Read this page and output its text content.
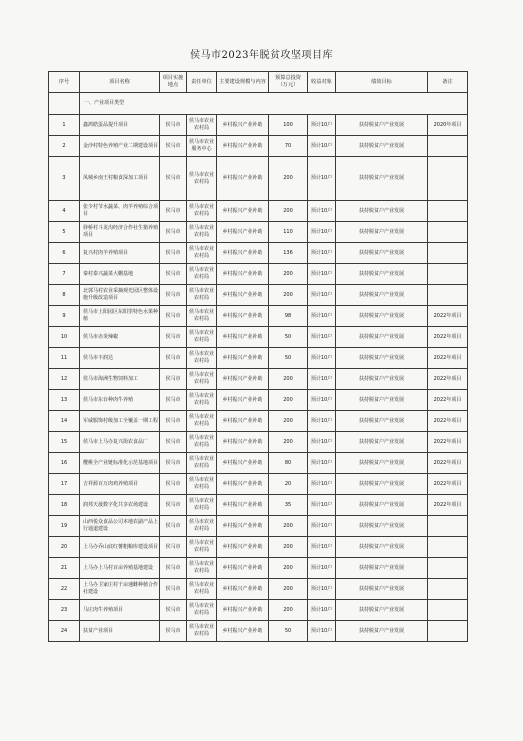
侯马市2023年脱贫攻坚项目库
序号	项目名称	项目实施地点	责任单位	主要建设规模与内容	预算总投资（万元）	收益对象	绩效目标	备注
	一、产业项目类型							
1	鑫鸿皓蛋品提升项目	侯马市	侯马市农业农村局	乡村振兴产业补助	100	预计10户	扶持脱贫户产业发展	2020年项目
2	金沙村特色养殖产业二期建设项目	侯马市	侯马市农业服务中心	乡村振兴产业补助	70	预计10户	扶持脱贫户产业发展	
3	凤城乡南王村粮食深加工项目	侯马市	侯马市农业农村局	乡村振兴产业补助	200	预计10户	扶持脱贫户产业发展	
4	张少村节水蔬菜、肉羊养殖综合项目	侯马市	侯马市农业农村局	乡村振兴产业补助	200	预计10户	扶持脱贫户产业发展	
5	驿桥村斗龙沟经济合作社生猪养殖项目	侯马市	侯马市农业农村局	乡村振兴产业补助	110	预计10户	扶持脱贫户产业发展	
6	复兴村肉羊养殖项目	侯马市	侯马市农业农村局	乡村振兴产业补助	136	预计10户	扶持脱贫户产业发展	
7	秦村泰兴蔬菜大棚基地	侯马市	侯马市农业农村局	乡村振兴产业补助	200	预计10户	扶持脱贫户产业发展	
8	北郭马村农业采摘观光园区整体设施升级改造项目	侯马市	侯马市农业农村局	乡村振兴产业补助	200	预计10户	扶持脱贫户产业发展	
9	侯马市上阳园区东阳里特色水果种植	侯马市	侯马市农业农村局	乡村振兴产业补助	98	预计10户	扶持脱贫户产业发展	2022年项目
10	侯马市赤炎辣椒	侯马市	侯马市农业农村局	乡村振兴产业补助	50	预计10户	扶持脱贫户产业发展	2022年项目
11	侯马市丰润达	侯马市	侯马市农业农村局	乡村振兴产业补助	50	预计10户	扶持脱贫户产业发展	2022年项目
12	侯马市海洲生物饲料加工	侯马市	侯马市农业农村局	乡村振兴产业补助	200	预计10户	扶持脱贫户产业发展	2022年项目
13	侯马市东台种肉牛养殖	侯马市	侯马市农业农村局	乡村振兴产业补助	200	预计10户	扶持脱贫户产业发展	2022年项目
14	军威服饰村级加工全覆盖一期工程	侯马市	侯马市农业农村局	乡村振兴产业补助	200	预计10户	扶持脱贫户产业发展	2022年项目
15	侯马市上马办复兴街农食品厂	侯马市	侯马市农业农村局	乡村振兴产业补助	200	预计10户	扶持脱贫户产业发展	2022年项目
16	樱桃全产业链标准化示范基地项目	侯马市	侯马市农业农村局	乡村振兴产业补助	80	预计10户	扶持脱贫户产业发展	2022年项目
17	吉祥源百万肉鸡养殖项目	侯马市	侯马市农业农村局	乡村振兴产业补助	20	预计10户	扶持脱贫户产业发展	2022年项目
18	润邦天晟数字化共享农场建设	侯马市	侯马市农业农村局	乡村振兴产业补助	35	预计10户	扶持脱贫户产业发展	2022年项目
19	山西悦众食品公司本地农副产品上行通道建设	侯马市	侯马市农业农村局	乡村振兴产业补助	200	预计10户	扶持脱贫户产业发展	
20	上马办乔山底红薯粗粮库建设项目	侯马市	侯马市农业农村局	乡村振兴产业补助	200	预计10户	扶持脱贫户产业发展	
21	上马办上马村百亩养殖基地建设	侯马市	侯马市农业农村局	乡村振兴产业补助	200	预计10户	扶持脱贫户产业发展	
22	上马办卫家庄村千亩速雌种植合作社建设	侯马市	侯马市农业农村局	乡村振兴产业补助	200	预计10户	扶持脱贫户产业发展	
23	马庄肉牛养殖项目	侯马市	侯马市农业农村局	乡村振兴产业补助	200	预计10户	扶持脱贫户产业发展	
24	扶贫产业项目	侯马市	侯马市农业农村局	乡村振兴产业补助	50	预计10户	扶持脱贫户产业发展	
